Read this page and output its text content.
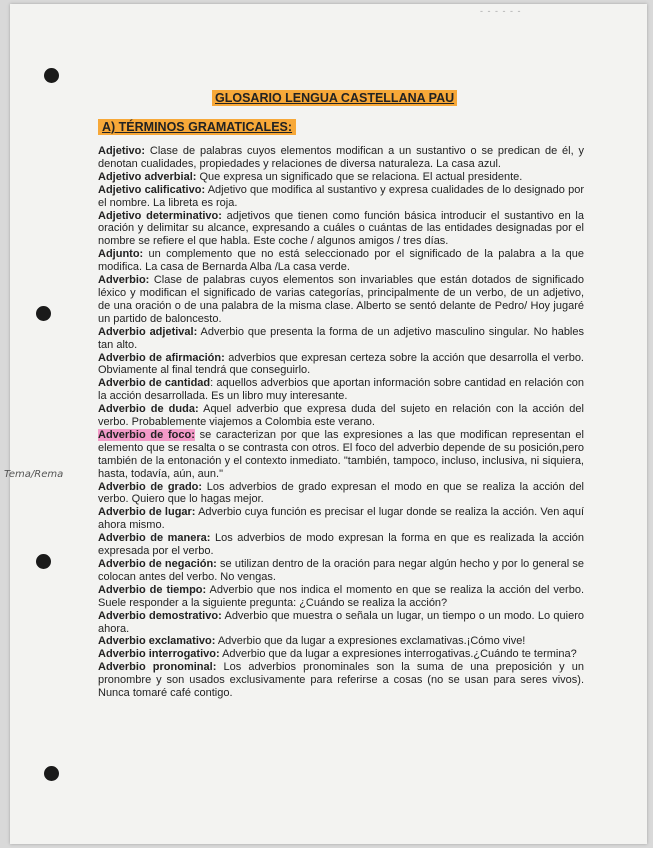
- - - - - -
GLOSARIO LENGUA CASTELLANA PAU
A) TÉRMINOS GRAMATICALES:
Tema/Rema

Adjetivo: Clase de palabras cuyos elementos modifican a un sustantivo o se predican de él, y denotan cualidades, propiedades y relaciones de diversa naturaleza. La casa azul.

Adjetivo adverbial: Que expresa un significado que se relaciona. El actual presidente.

Adjetivo calificativo: Adjetivo que modifica al sustantivo y expresa cualidades de lo designado por el nombre. La libreta es roja.

Adjetivo determinativo: adjetivos que tienen como función básica introducir el sustantivo en la oración y delimitar su alcance, expresando a cuáles o cuántas de las entidades designadas por el nombre se refiere el que habla. Este coche / algunos amigos / tres días.

Adjunto: un complemento que no está seleccionado por el significado de la palabra a la que modifica. La casa de Bernarda Alba /La casa verde.

Adverbio: Clase de palabras cuyos elementos son invariables que están dotados de significado léxico y modifican el significado de varias categorías, principalmente de un verbo, de un adjetivo, de una oración o de una palabra de la misma clase. Alberto se sentó delante de Pedro/ Hoy jugaré un partido de baloncesto.

Adverbio adjetival: Adverbio que presenta la forma de un adjetivo masculino singular. No hables tan alto.

Adverbio de afirmación: adverbios que expresan certeza sobre la acción que desarrolla el verbo. Obviamente al final tendrá que conseguirlo.

Adverbio de cantidad: aquellos adverbios que aportan información sobre cantidad en relación con la acción desarrollada. Es un libro muy interesante.

Adverbio de duda: Aquel adverbio que expresa duda del sujeto en relación con la acción del verbo. Probablemente viajemos a Colombia este verano.

Adverbio de foco: se caracterizan por que las expresiones a las que modifican representan el elemento que se resalta o se contrasta con otros. El foco del adverbio depende de su posición,pero también de la entonación y el contexto inmediato. "también, tampoco, incluso, inclusiva, ni siquiera, hasta, todavía, aún, aun."

Adverbio de grado: Los adverbios de grado expresan el modo en que se realiza la acción del verbo. Quiero que lo hagas mejor.

Adverbio de lugar: Adverbio cuya función es precisar el lugar donde se realiza la acción. Ven aquí ahora mismo.

Adverbio de manera: Los adverbios de modo expresan la forma en que es realizada la acción expresada por el verbo.

Adverbio de negación: se utilizan dentro de la oración para negar algún hecho y por lo general se colocan antes del verbo. No vengas.

Adverbio de tiempo: Adverbio que nos indica el momento en que se realiza la acción del verbo. Suele responder a la siguiente pregunta: ¿Cuándo se realiza la acción?

Adverbio demostrativo: Adverbio que muestra o señala un lugar, un tiempo o un modo. Lo quiero ahora.

Adverbio exclamativo: Adverbio que da lugar a expresiones exclamativas.¡Cómo vive!

Adverbio interrogativo: Adverbio que da lugar a expresiones interrogativas.¿Cuándo te termina?

Adverbio pronominal: Los adverbios pronominales son la suma de una preposición y un pronombre y son usados exclusivamente para referirse a cosas (no se usan para seres vivos). Nunca tomaré café contigo.
